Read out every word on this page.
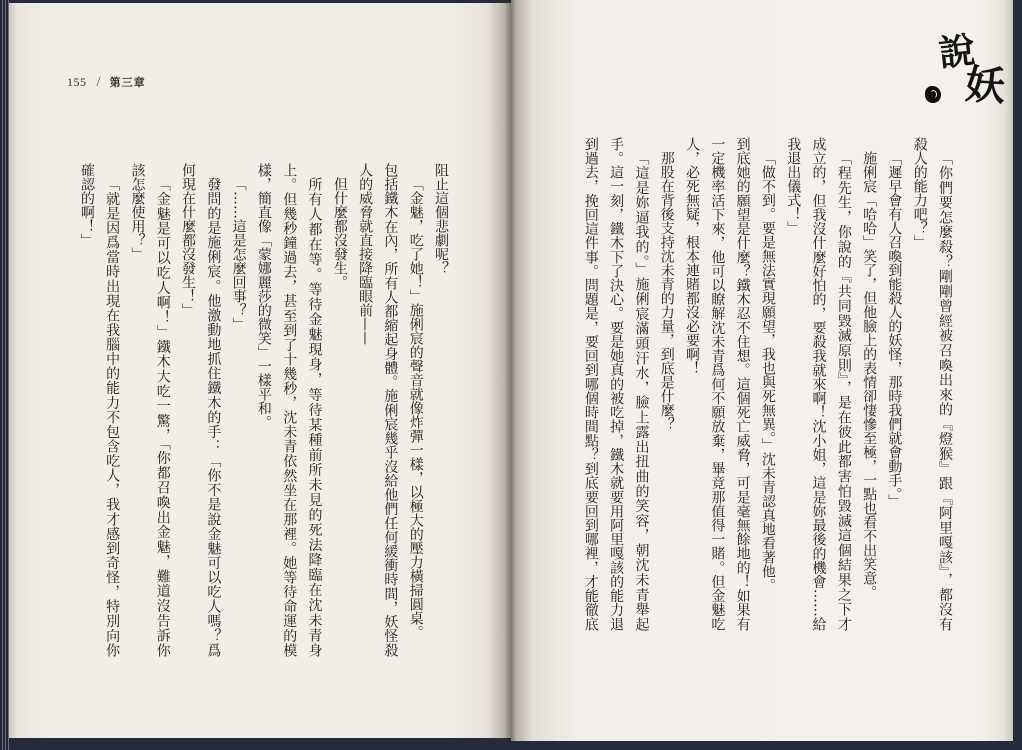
155 / 第三章
阻止這個悲劇呢？
「金魅，吃了她！」施俐宸的聲音就像炸彈一樣，以極大的壓力橫掃圓桌。
包括鐵木在內，所有人都縮起身體。施俐宸幾乎沒給他們任何緩衝時間，妖怪殺
人的威脅就直接降臨眼前——
但什麼都沒發生。
所有人都在等。等待金魅現身，等待某種前所未見的死法降臨在沈未青身
上。但幾秒鐘過去，甚至到了十幾秒，沈未青依然坐在那裡。她等待命運的模
樣，簡直像「蒙娜麗莎的微笑」一樣平和。
「……這是怎麼回事？」
發問的是施俐宸。他激動地抓住鐵木的手：「你不是說金魅可以吃人嗎？爲
何現在什麼都沒發生！」
「金魅是可以吃人啊！」鐵木大吃一驚，「你都召喚出金魅，難道沒告訴你
該怎麼使用？」
「就是因爲當時出現在我腦中的能力不包含吃人，我才感到奇怪，特別向你
確認的啊！」
說
妖
「你們要怎麼殺？剛剛曾經被召喚出來的『燈猴』跟『阿里嘎該』，都沒有
殺人的能力吧？」
「遲早會有人召喚到能殺人的妖怪，那時我們就會動手。」
施俐宸「哈哈」笑了，但他臉上的表情卻悽慘至極，一點也看不出笑意。
「程先生，你說的『共同毀滅原則』，是在彼此都害怕毀滅這個結果之下才
成立的，但我沒什麼好怕的，要殺我就來啊！沈小姐，這是妳最後的機會……給
我退出儀式！」
「做不到。要是無法實現願望，我也與死無異。」沈未青認真地看著他。
到底她的願望是什麼？鐵木忍不住想。這個死亡威脅，可是毫無餘地的！如果有
一定機率活下來，他可以瞭解沈未青爲何不願放棄，畢竟那值得一賭。但金魅吃
人，必死無疑，根本連賭都沒必要啊！
那股在背後支持沈未青的力量，到底是什麼？
「這是妳逼我的。」施俐宸滿頭汗水，臉上露出扭曲的笑容，朝沈未青舉起
手。這一刻，鐵木下了決心。要是她真的被吃掉，鐵木就要用阿里嘎該的能力退
到過去，挽回這件事。問題是，要回到哪個時間點？到底要回到哪裡，才能徹底
